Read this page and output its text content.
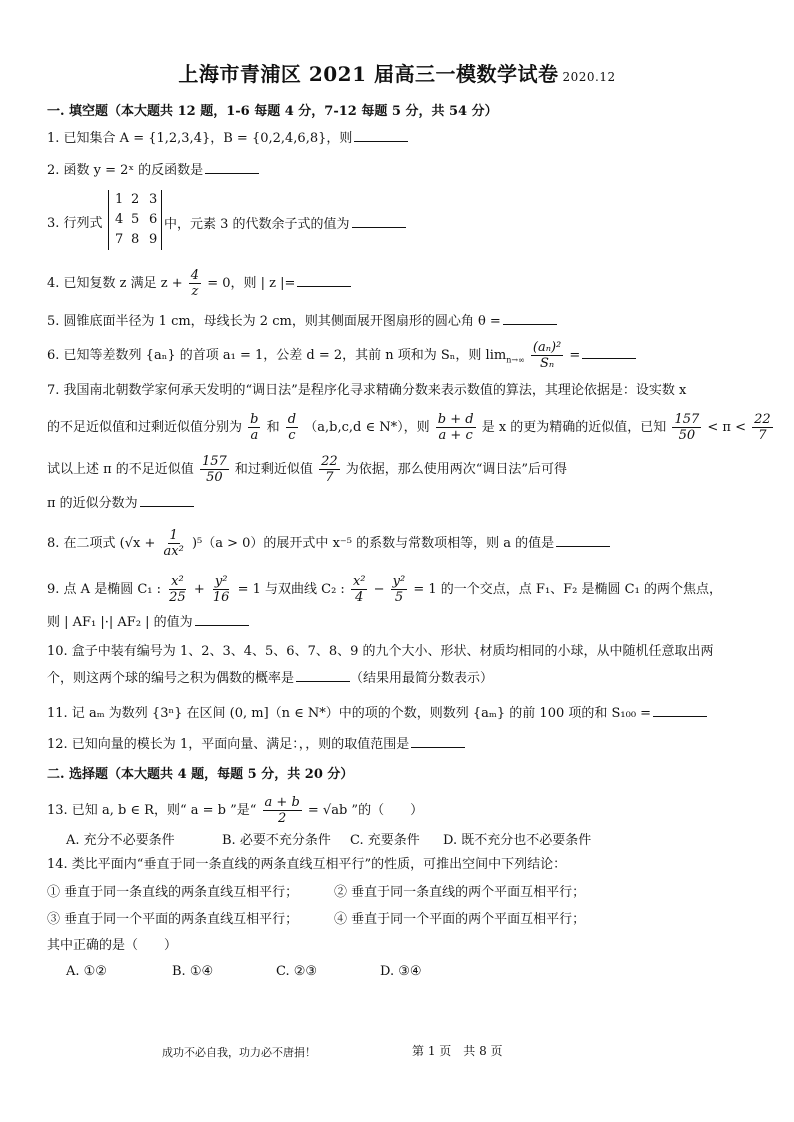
上海市青浦区 2021 届高三一模数学试卷 2020.12
一. 填空题（本大题共 12 题，1-6 每题 4 分，7-12 每题 5 分，共 54 分）
1. 已知集合 A = {1,2,3,4}，B = {0,2,4,6,8}，则
2. 函数 y = 2ˣ 的反函数是
3. 行列式
1 2 3
4 5 6
7 8 9
中，元素 3 的代数余子式的值为
4. 已知复数 z 满足 $z + \frac{4}{z} = 0$，则 | z |=
5. 圆锥底面半径为 1 cm，母线长为 2 cm，则其侧面展开图扇形的圆心角 θ =
6. 已知等差数列 {aₙ} 的首项 a₁ = 1，公差 d = 2，其前 n 项和为 Sₙ，则 $\lim_{n\to\infty} \frac{\text{(aₙ)²}}{\text{Sₙ}}$ =
7. 我国南北朝数学家何承天发明的“调日法”是程序化寻求精确分数来表示数值的算法，其理论依据是：设实数 x
的不足近似值和过剩近似值分别为 $\frac{b}{a}$ 和 $\frac{d}{c} (a,b,c,d$ ∈ N*），则 $\frac{b + d}{a + c}$ 是 x 的更为精确的近似值，已知 $\frac{157}{50} < \pi < \frac{22}{7}$
试以上述 π 的不足近似值 $\frac{157}{50}$ 和过剩近似值 $\frac{22}{7}$ 为依据，那么使用两次“调日法”后可得
π 的近似分数为
8. 在二项式 $(√x + \frac{1}{\text{ax²}} )^5(a > 0)$的展开式中 x⁻⁵ 的系数与常数项相等，则 a 的值是
9. 点 A 是椭圆 C₁ : $\frac{\text{x²}}{25} + \frac{\text{y²}}{16} = 1$ 与双曲线 C₂ : $\frac{\text{x²}}{4} - \frac{\text{y²}}{5} = 1$ 的一个交点，点 F₁、F₂ 是椭圆 C₁ 的两个焦点，
则 | AF₁ |·| AF₂ | 的值为
10. 盒子中装有编号为 1、2、3、4、5、6、7、8、9 的九个大小、形状、材质均相同的小球，从中随机任意取出两
个，则这两个球的编号之积为偶数的概率是	（结果用最简分数表示）
11. 记 aₘ 为数列 {3ⁿ} 在区间 (0, m]（n ∈ N*）中的项的个数，则数列 {aₘ} 的前 100 项的和 S₁₀₀ =
12. 已知向量的模长为 1，平面向量、满足：，，则的取值范围是
二. 选择题（本大题共 4 题，每题 5 分，共 20 分）
13. 已知 a, b ∈ R，则“ a = b ”是“ $\frac{a + b}{2} = √ab$ ”的（　　）
A. 充分不必要条件	B. 必要不充分条件 C. 充要条件 D. 既不充分也不必要条件
14. 类比平面内“垂直于同一条直线的两条直线互相平行”的性质，可推出空间中下列结论：
① 垂直于同一条直线的两条直线互相平行；	② 垂直于同一条直线的两个平面互相平行；
③ 垂直于同一个平面的两条直线互相平行；	④ 垂直于同一个平面的两个平面互相平行；
其中正确的是（　　）
A. ①②	B. ①④	C. ②③	D. ③④
成功不必自我，功力必不唐捐！	第 1 页　共 8 页
